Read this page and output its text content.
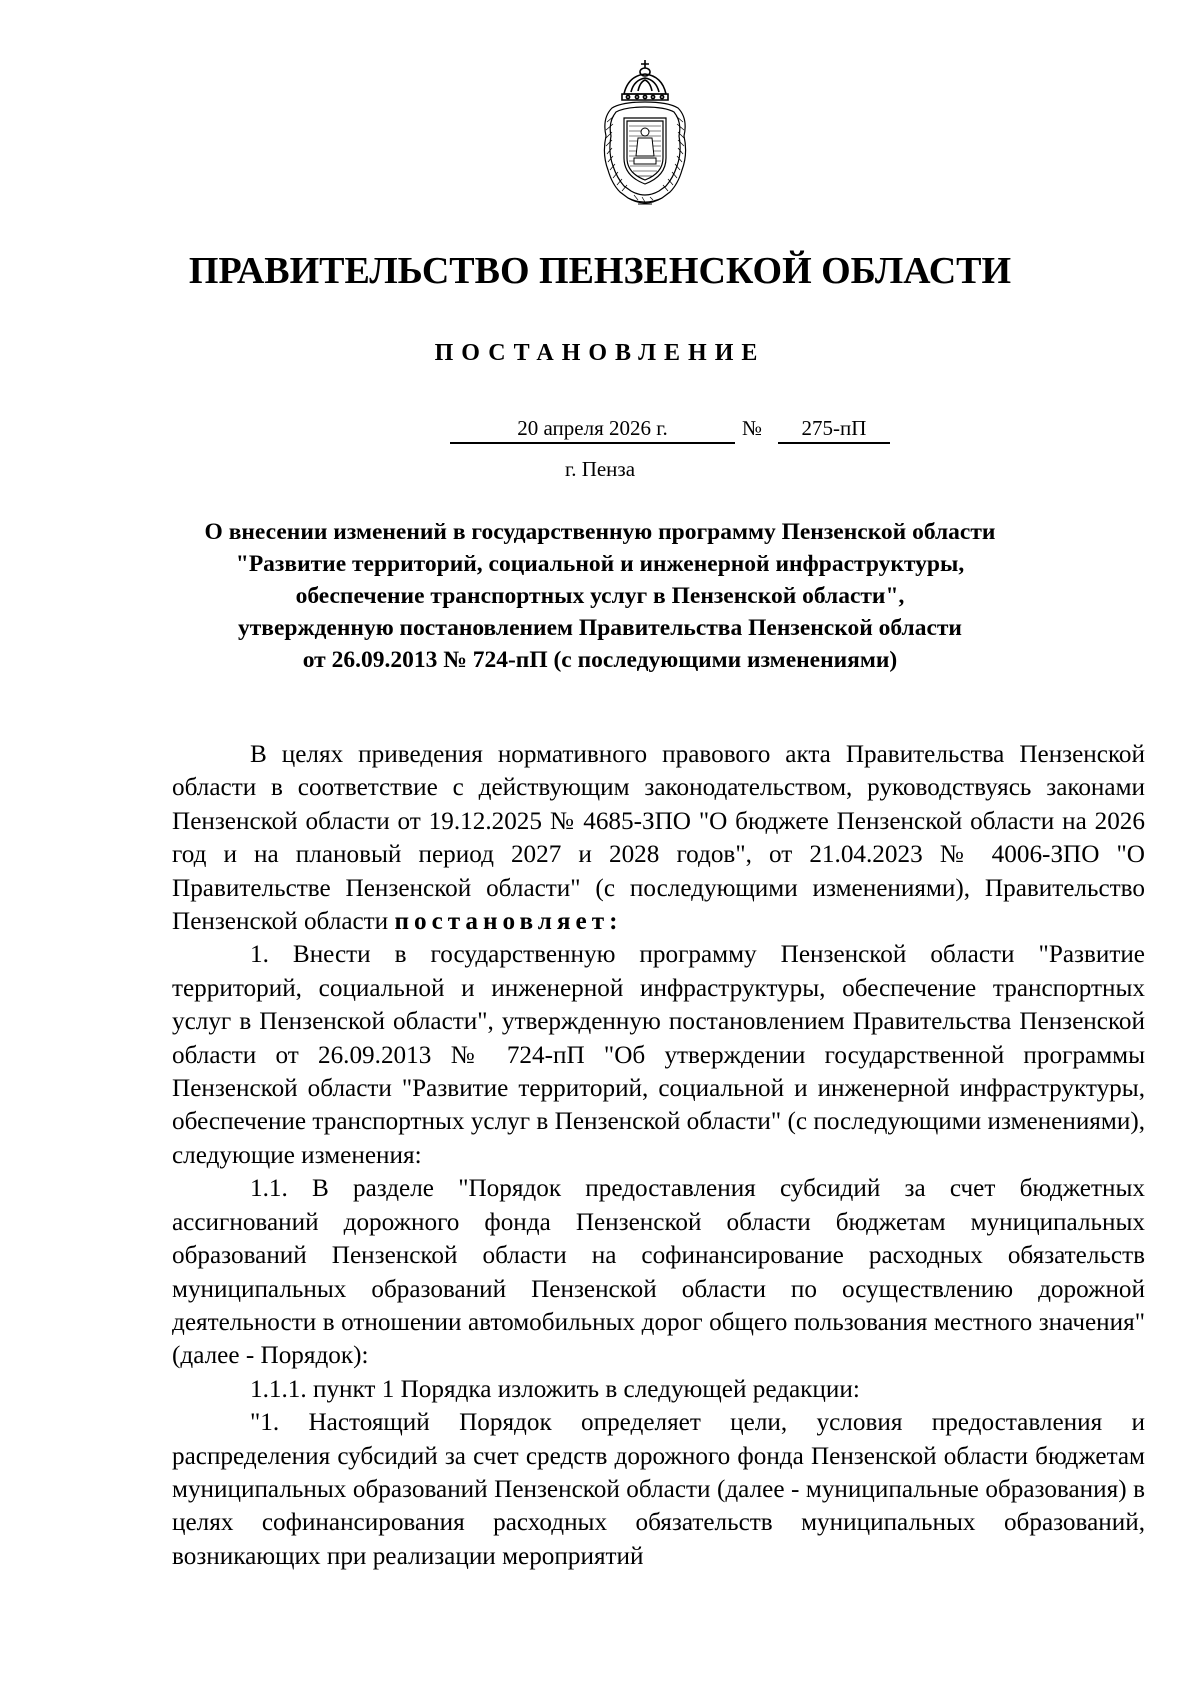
ПРАВИТЕЛЬСТВО ПЕНЗЕНСКОЙ ОБЛАСТИ
ПОСТАНОВЛЕНИЕ
20 апреля 2026 г.	№	275-пП
г. Пенза
О внесении изменений в государственную программу Пензенской области
"Развитие территорий, социальной и инженерной инфраструктуры,
обеспечение транспортных услуг в Пензенской области",
утвержденную постановлением Правительства Пензенской области
от 26.09.2013 № 724-пП (с последующими изменениями)

В целях приведения нормативного правового акта Правительства Пензенской области в соответствие с действующим законодательством, руководствуясь законами Пензенской области от 19.12.2025 № 4685-ЗПО "О бюджете Пензенской области на 2026 год и на плановый период 2027 и 2028 годов", от 21.04.2023 № 4006-ЗПО "О Правительстве Пензенской области" (с последующими изменениями), Правительство Пензенской области постановляет:

1. Внести в государственную программу Пензенской области "Развитие территорий, социальной и инженерной инфраструктуры, обеспечение транспортных услуг в Пензенской области", утвержденную постановлением Правительства Пензенской области от 26.09.2013 № 724-пП "Об утверждении государственной программы Пензенской области "Развитие территорий, социальной и инженерной инфраструктуры, обеспечение транспортных услуг в Пензенской области" (с последующими изменениями), следующие изменения:

1.1. В разделе "Порядок предоставления субсидий за счет бюджетных ассигнований дорожного фонда Пензенской области бюджетам муниципальных образований Пензенской области на софинансирование расходных обязательств муниципальных образований Пензенской области по осуществлению дорожной деятельности в отношении автомобильных дорог общего пользования местного значения" (далее - Порядок):

1.1.1. пункт 1 Порядка изложить в следующей редакции:

"1. Настоящий Порядок определяет цели, условия предоставления и распределения субсидий за счет средств дорожного фонда Пензенской области бюджетам муниципальных образований Пензенской области (далее - муниципальные образования) в целях софинансирования расходных обязательств муниципальных образований, возникающих при реализации мероприятий
